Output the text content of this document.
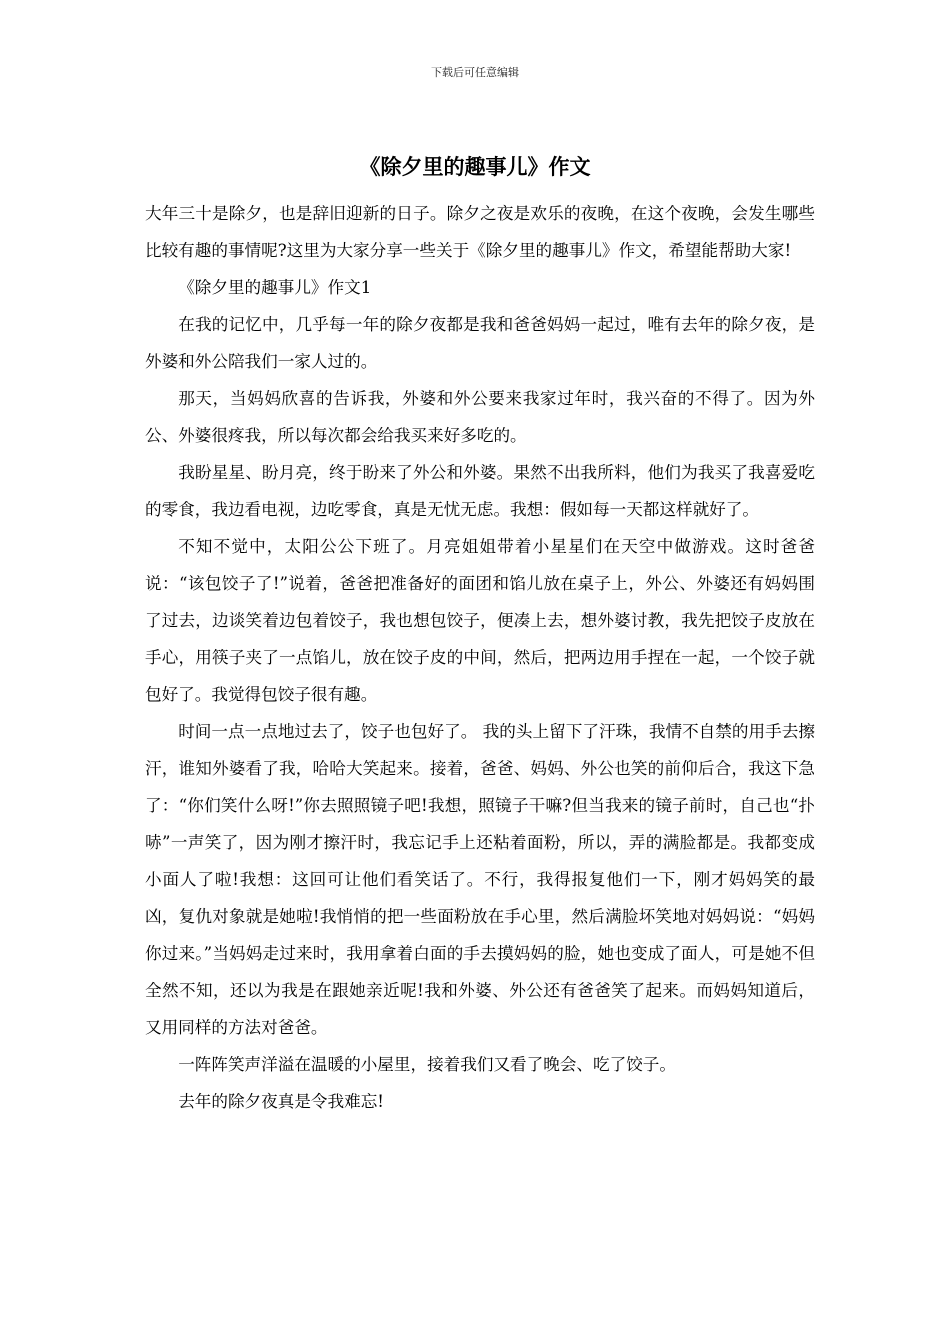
下载后可任意编辑
《除夕里的趣事儿》作文

大年三十是除夕，也是辞旧迎新的日子。除夕之夜是欢乐的夜晚，在这个夜晚，会发生哪些比较有趣的事情呢?这里为大家分享一些关于《除夕里的趣事儿》作文，希望能帮助大家!

《除夕里的趣事儿》作文1

在我的记忆中，几乎每一年的除夕夜都是我和爸爸妈妈一起过，唯有去年的除夕夜，是外婆和外公陪我们一家人过的。

那天，当妈妈欣喜的告诉我，外婆和外公要来我家过年时，我兴奋的不得了。因为外公、外婆很疼我，所以每次都会给我买来好多吃的。

我盼星星、盼月亮，终于盼来了外公和外婆。果然不出我所料，他们为我买了我喜爱吃的零食，我边看电视，边吃零食，真是无忧无虑。我想：假如每一天都这样就好了。

不知不觉中，太阳公公下班了。月亮姐姐带着小星星们在天空中做游戏。这时爸爸说：“该包饺子了!”说着，爸爸把准备好的面团和馅儿放在桌子上，外公、外婆还有妈妈围了过去，边谈笑着边包着饺子，我也想包饺子，便凑上去，想外婆讨教，我先把饺子皮放在手心，用筷子夹了一点馅儿，放在饺子皮的中间，然后，把两边用手捏在一起，一个饺子就包好了。我觉得包饺子很有趣。

时间一点一点地过去了，饺子也包好了。 我的头上留下了汗珠，我情不自禁的用手去擦汗，谁知外婆看了我，哈哈大笑起来。接着，爸爸、妈妈、外公也笑的前仰后合，我这下急了：“你们笑什么呀!”你去照照镜子吧!我想，照镜子干嘛?但当我来的镜子前时，自己也“扑哧”一声笑了，因为刚才擦汗时，我忘记手上还粘着面粉，所以，弄的满脸都是。我都变成小面人了啦!我想：这回可让他们看笑话了。不行，我得报复他们一下，刚才妈妈笑的最凶，复仇对象就是她啦!我悄悄的把一些面粉放在手心里，然后满脸坏笑地对妈妈说：“妈妈你过来。”当妈妈走过来时，我用拿着白面的手去摸妈妈的脸，她也变成了面人，可是她不但全然不知，还以为我是在跟她亲近呢!我和外婆、外公还有爸爸笑了起来。而妈妈知道后，又用同样的方法对爸爸。

一阵阵笑声洋溢在温暖的小屋里，接着我们又看了晚会、吃了饺子。

去年的除夕夜真是令我难忘!
